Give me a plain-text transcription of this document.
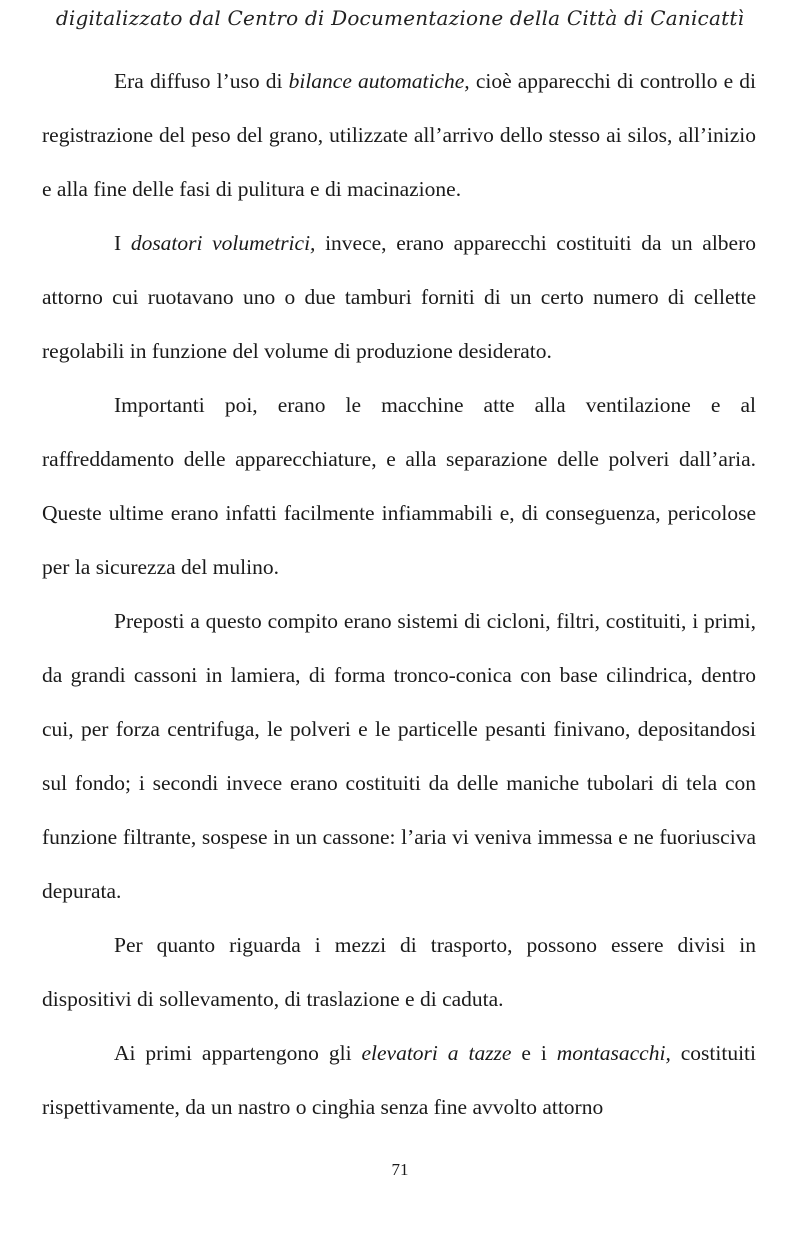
digitalizzato dal Centro di Documentazione della Città di Canicattì

Era diffuso l’uso di bilance automatiche, cioè apparecchi di controllo e di registrazione del peso del grano, utilizzate all’arrivo dello stesso ai silos, all’inizio e alla fine delle fasi di pulitura e di macinazione.

I dosatori volumetrici, invece, erano apparecchi costituiti da un albero attorno cui ruotavano uno o due tamburi forniti di un certo numero di cellette regolabili in funzione del volume di produzione desiderato.

Importanti poi, erano le macchine atte alla ventilazione e al raffreddamento delle apparecchiature, e alla separazione delle polveri dall’aria. Queste ultime erano infatti facilmente infiammabili e, di conseguenza, pericolose per la sicurezza del mulino.

Preposti a questo compito erano sistemi di cicloni, filtri, costituiti, i primi, da grandi cassoni in lamiera, di forma tronco-conica con base cilindrica, dentro cui, per forza centrifuga, le polveri e le particelle pesanti finivano, depositandosi sul fondo; i secondi invece erano costituiti da delle maniche tubolari di tela con funzione filtrante, sospese in un cassone: l’aria vi veniva immessa e ne fuoriusciva depurata.

Per quanto riguarda i mezzi di trasporto, possono essere divisi in dispositivi di sollevamento, di traslazione e di caduta.

Ai primi appartengono gli elevatori a tazze e i montasacchi, costituiti rispettivamente, da un nastro o cinghia senza fine avvolto attorno

71
